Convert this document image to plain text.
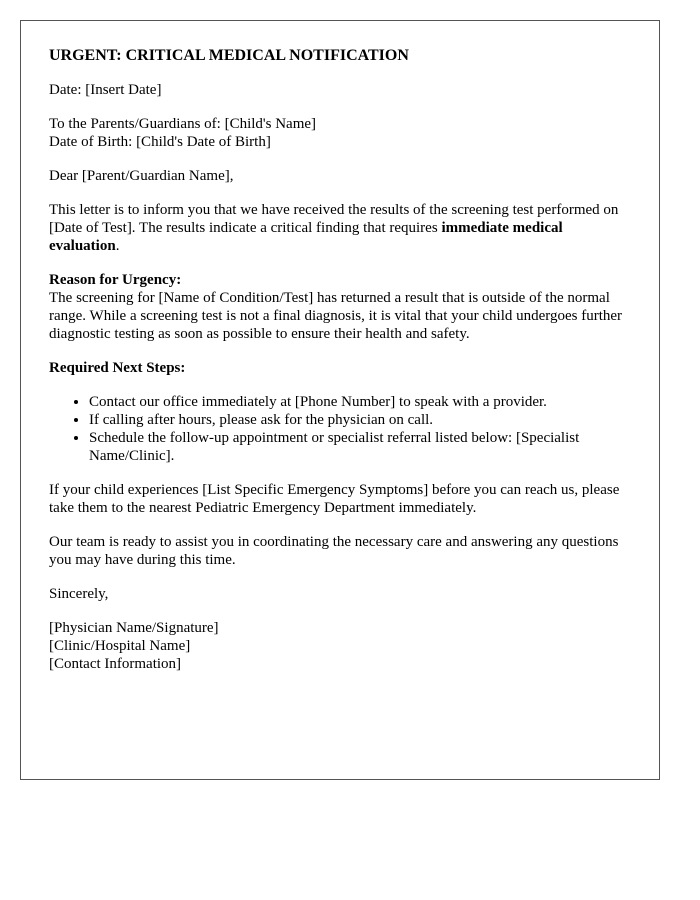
URGENT: CRITICAL MEDICAL NOTIFICATION

Date: [Insert Date]

To the Parents/Guardians of: [Child's Name]
Date of Birth: [Child's Date of Birth]

Dear [Parent/Guardian Name],

This letter is to inform you that we have received the results of the screening test performed on [Date of Test]. The results indicate a critical finding that requires immediate medical evaluation.

Reason for Urgency:
The screening for [Name of Condition/Test] has returned a result that is outside of the normal range. While a screening test is not a final diagnosis, it is vital that your child undergoes further diagnostic testing as soon as possible to ensure their health and safety.

Required Next Steps:

• Contact our office immediately at [Phone Number] to speak with a provider.
• If calling after hours, please ask for the physician on call.
• Schedule the follow-up appointment or specialist referral listed below: [Specialist Name/Clinic].

If your child experiences [List Specific Emergency Symptoms] before you can reach us, please take them to the nearest Pediatric Emergency Department immediately.

Our team is ready to assist you in coordinating the necessary care and answering any questions you may have during this time.

Sincerely,

[Physician Name/Signature]
[Clinic/Hospital Name]
[Contact Information]
